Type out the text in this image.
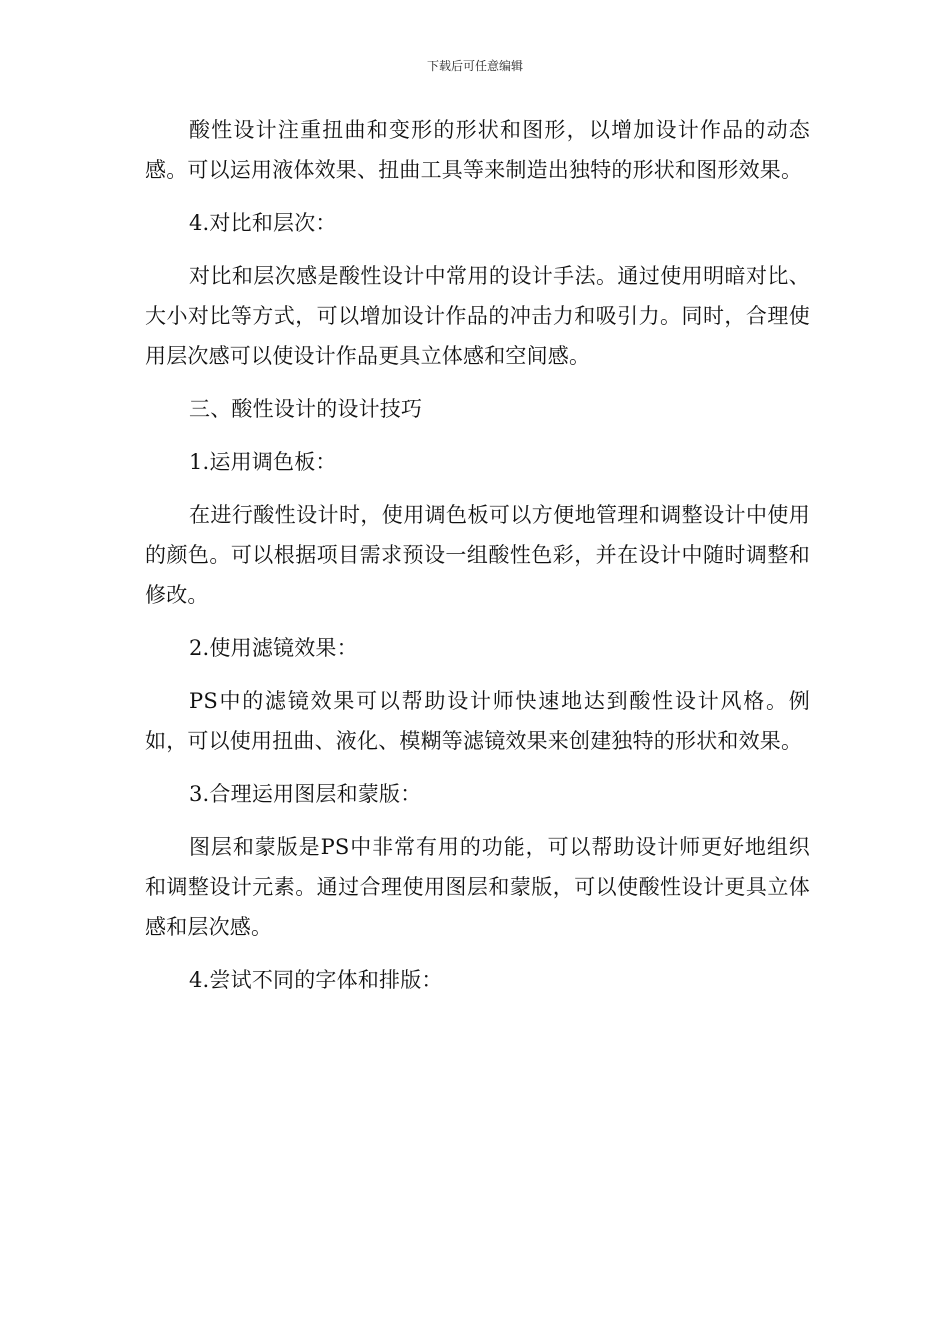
下载后可任意编辑

酸性设计注重扭曲和变形的形状和图形，以增加设计作品的动态感。可以运用液体效果、扭曲工具等来制造出独特的形状和图形效果。

4.对比和层次：

对比和层次感是酸性设计中常用的设计手法。通过使用明暗对比、大小对比等方式，可以增加设计作品的冲击力和吸引力。同时，合理使用层次感可以使设计作品更具立体感和空间感。

三、酸性设计的设计技巧

1.运用调色板：

在进行酸性设计时，使用调色板可以方便地管理和调整设计中使用的颜色。可以根据项目需求预设一组酸性色彩，并在设计中随时调整和修改。

2.使用滤镜效果：

PS中的滤镜效果可以帮助设计师快速地达到酸性设计风格。例如，可以使用扭曲、液化、模糊等滤镜效果来创建独特的形状和效果。

3.合理运用图层和蒙版：

图层和蒙版是PS中非常有用的功能，可以帮助设计师更好地组织和调整设计元素。通过合理使用图层和蒙版，可以使酸性设计更具立体感和层次感。

4.尝试不同的字体和排版：
